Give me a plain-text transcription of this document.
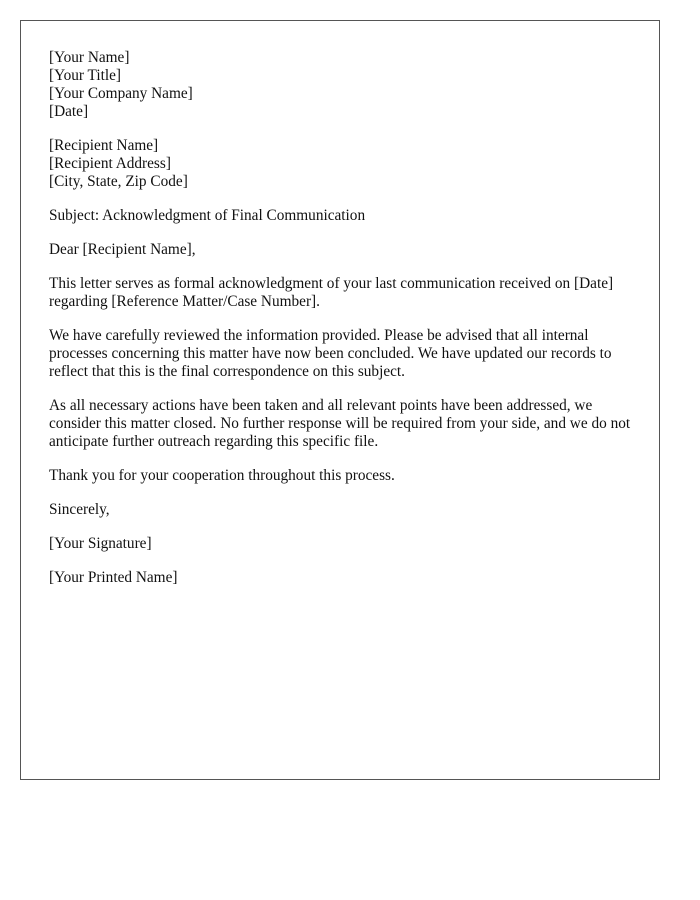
[Your Name]
[Your Title]
[Your Company Name]
[Date]
[Recipient Name]
[Recipient Address]
[City, State, Zip Code]

Subject: Acknowledgment of Final Communication

Dear [Recipient Name],

This letter serves as formal acknowledgment of your last communication received on [Date] regarding [Reference Matter/Case Number].

We have carefully reviewed the information provided. Please be advised that all internal processes concerning this matter have now been concluded. We have updated our records to reflect that this is the final correspondence on this subject.

As all necessary actions have been taken and all relevant points have been addressed, we consider this matter closed. No further response will be required from your side, and we do not anticipate further outreach regarding this specific file.

Thank you for your cooperation throughout this process.

Sincerely,

[Your Signature]

[Your Printed Name]
